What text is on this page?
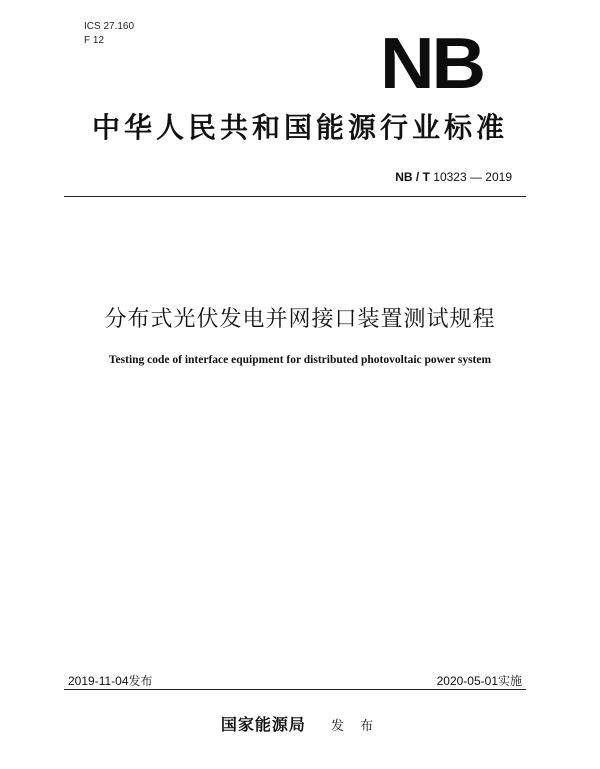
ICS 27.160
F 12	NB
中华人民共和国能源行业标准
NB / T 10323 — 2019
分布式光伏发电并网接口装置测试规程
Testing code of interface equipment for distributed photovoltaic power system
2019-11-04发布	2020-05-01实施
国家能源局 发 布
